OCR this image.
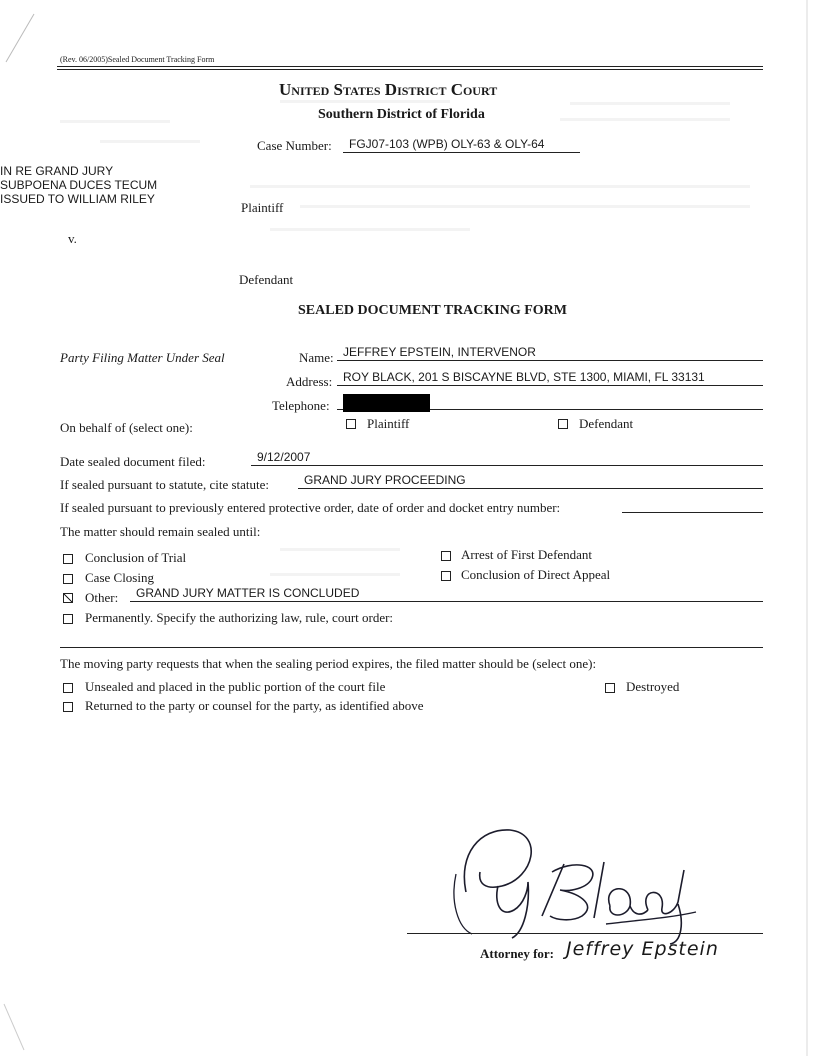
(Rev. 06/2005)Sealed Document Tracking Form
United States District Court
Southern District of Florida
Case Number: FGJ07-103 (WPB) OLY-63 & OLY-64
IN RE GRAND JURY
SUBPOENA DUCES TECUM
ISSUED TO WILLIAM RILEY
Plaintiff
v.
Defendant
SEALED DOCUMENT TRACKING FORM
Party Filing Matter Under Seal	Name: JEFFREY EPSTEIN, INTERVENOR
Address: ROY BLACK, 201 S BISCAYNE BLVD, STE 1300, MIAMI, FL 33131
Telephone:
On behalf of (select one):	Plaintiff	Defendant
Date sealed document filed:	9/12/2007
If sealed pursuant to statute, cite statute:	GRAND JURY PROCEEDING
If sealed pursuant to previously entered protective order, date of order and docket entry number:
The matter should remain sealed until:
Conclusion of Trial	Arrest of First Defendant
Case Closing	Conclusion of Direct Appeal
Other: GRAND JURY MATTER IS CONCLUDED
Permanently. Specify the authorizing law, rule, court order:
The moving party requests that when the sealing period expires, the filed matter should be (select one):
Unsealed and placed in the public portion of the court file	Destroyed
Returned to the party or counsel for the party, as identified above
Attorney for: Jeffrey Epstein
